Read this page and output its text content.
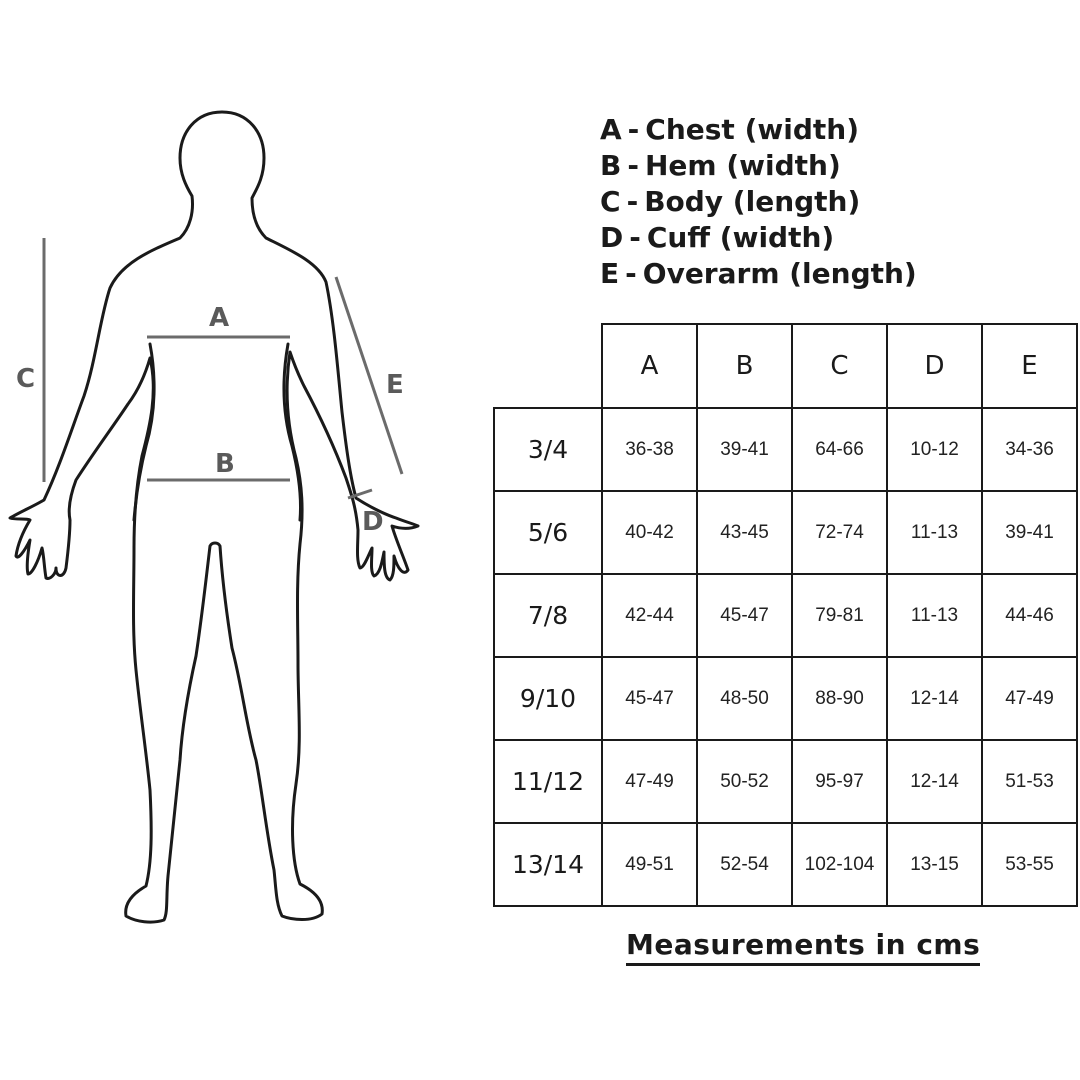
A
B
C
D
E
A - Chest (width)
B - Hem (width)
C - Body (length)
D - Cuff (width)
E - Overarm (length)
	A	B	C	D	E
3/4	36-38	39-41	64-66	10-12	34-36
5/6	40-42	43-45	72-74	11-13	39-41
7/8	42-44	45-47	79-81	11-13	44-46
9/10	45-47	48-50	88-90	12-14	47-49
11/12	47-49	50-52	95-97	12-14	51-53
13/14	49-51	52-54	102-104	13-15	53-55
Measurements in cms
